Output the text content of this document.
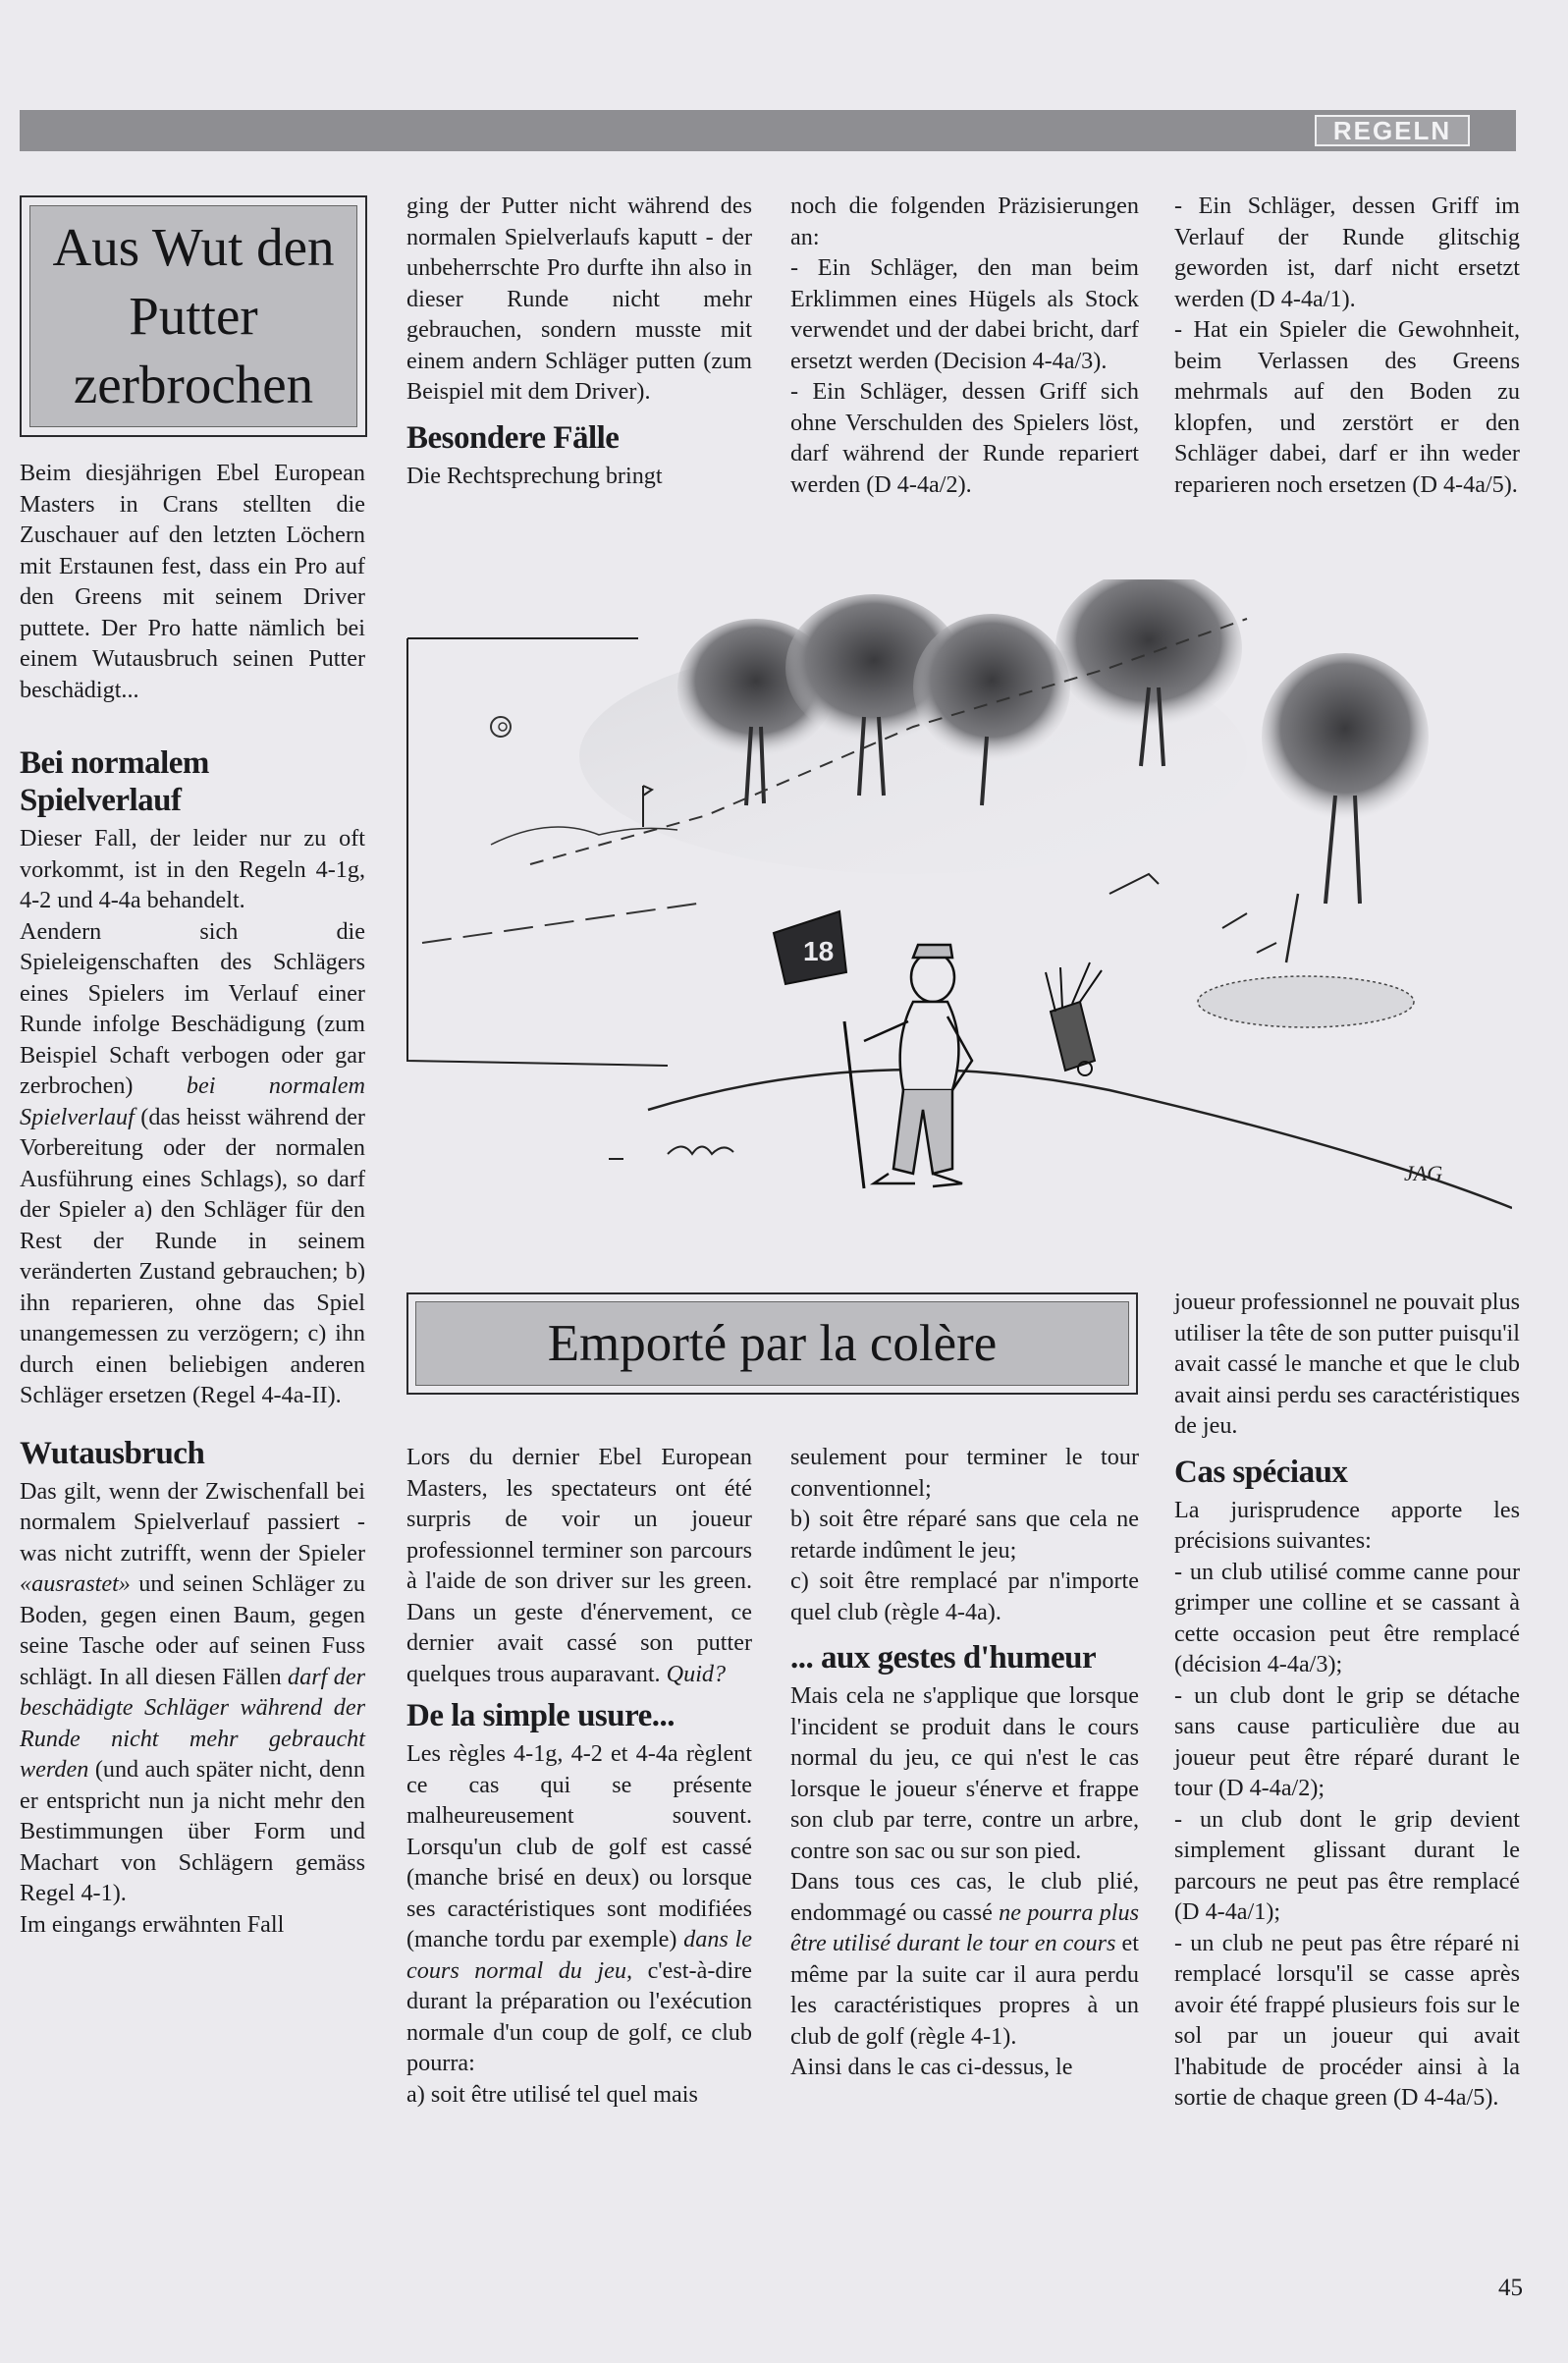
REGELN
Aus Wut den Putter zerbrochen

Beim diesjährigen Ebel European Masters in Crans stellten die Zuschauer auf den letzten Löchern mit Erstaunen fest, dass ein Pro auf den Greens mit seinem Driver puttete. Der Pro hatte nämlich bei einem Wutausbruch seinen Putter beschädigt...

Bei normalem Spielverlauf

Dieser Fall, der leider nur zu oft vorkommt, ist in den Regeln 4-1g, 4-2 und 4-4a behandelt.

Aendern sich die Spieleigenschaften des Schlägers eines Spielers im Verlauf einer Runde infolge Beschädigung (zum Beispiel Schaft verbogen oder gar zerbrochen) bei normalem Spielverlauf (das heisst während der Vorbereitung oder der normalen Ausführung eines Schlags), so darf der Spieler a) den Schläger für den Rest der Runde in seinem veränderten Zustand gebrauchen; b) ihn reparieren, ohne das Spiel unangemessen zu verzögern; c) ihn durch einen beliebigen anderen Schläger ersetzen (Regel 4-4a-II).

Wutausbruch

Das gilt, wenn der Zwischenfall bei normalem Spielverlauf passiert - was nicht zutrifft, wenn der Spieler «ausrastet» und seinen Schläger zu Boden, gegen einen Baum, gegen seine Tasche oder auf seinen Fuss schlägt. In all diesen Fällen darf der beschädigte Schläger während der Runde nicht mehr gebraucht werden (und auch später nicht, denn er entspricht nun ja nicht mehr den Bestimmungen über Form und Machart von Schlägern gemäss Regel 4-1).

Im eingangs erwähnten Fall

ging der Putter nicht während des normalen Spielverlaufs kaputt - der unbeherrschte Pro durfte ihn also in dieser Runde nicht mehr gebrauchen, sondern musste mit einem andern Schläger putten (zum Beispiel mit dem Driver).

Besondere Fälle

Die Rechtsprechung bringt

noch die folgenden Präzisierungen an:

- Ein Schläger, den man beim Erklimmen eines Hügels als Stock verwendet und der dabei bricht, darf ersetzt werden (Decision 4-4a/3).

- Ein Schläger, dessen Griff sich ohne Verschulden des Spielers löst, darf während der Runde repariert werden (D 4-4a/2).

- Ein Schläger, dessen Griff im Verlauf der Runde glitschig geworden ist, darf nicht ersetzt werden (D 4-4a/1).

- Hat ein Spieler die Gewohnheit, beim Verlassen des Greens mehrmals auf den Boden zu klopfen, und zerstört er den Schläger dabei, darf er ihn weder reparieren noch ersetzen (D 4-4a/5).

18
JAG
Emporté par la colère

Lors du dernier Ebel European Masters, les spectateurs ont été surpris de voir un joueur professionnel terminer son parcours à l'aide de son driver sur les green. Dans un geste d'énervement, ce dernier avait cassé son putter quelques trous auparavant. Quid?

De la simple usure...

Les règles 4-1g, 4-2 et 4-4a règlent ce cas qui se présente malheureusement souvent. Lorsqu'un club de golf est cassé (manche brisé en deux) ou lorsque ses caractéristiques sont modifiées (manche tordu par exemple) dans le cours normal du jeu, c'est-à-dire durant la préparation ou l'exécution normale d'un coup de golf, ce club pourra:

a) soit être utilisé tel quel mais

seulement pour terminer le tour conventionnel;

b) soit être réparé sans que cela ne retarde indûment le jeu;

c) soit être remplacé par n'importe quel club (règle 4-4a).

... aux gestes d'humeur

Mais cela ne s'applique que lorsque l'incident se produit dans le cours normal du jeu, ce qui n'est le cas lorsque le joueur s'énerve et frappe son club par terre, contre un arbre, contre son sac ou sur son pied.

Dans tous ces cas, le club plié, endommagé ou cassé ne pourra plus être utilisé durant le tour en cours et même par la suite car il aura perdu les caractéristiques propres à un club de golf (règle 4-1).

Ainsi dans le cas ci-dessus, le

joueur professionnel ne pouvait plus utiliser la tête de son putter puisqu'il avait cassé le manche et que le club avait ainsi perdu ses caractéristiques de jeu.

Cas spéciaux

La jurisprudence apporte les précisions suivantes:

- un club utilisé comme canne pour grimper une colline et se cassant à cette occasion peut être remplacé (décision 4-4a/3);

- un club dont le grip se détache sans cause particulière due au joueur peut être réparé durant le tour (D 4-4a/2);

- un club dont le grip devient simplement glissant durant le parcours ne peut pas être remplacé (D 4-4a/1);

- un club ne peut pas être réparé ni remplacé lorsqu'il se casse après avoir été frappé plusieurs fois sur le sol par un joueur qui avait l'habitude de procéder ainsi à la sortie de chaque green (D 4-4a/5).

45
